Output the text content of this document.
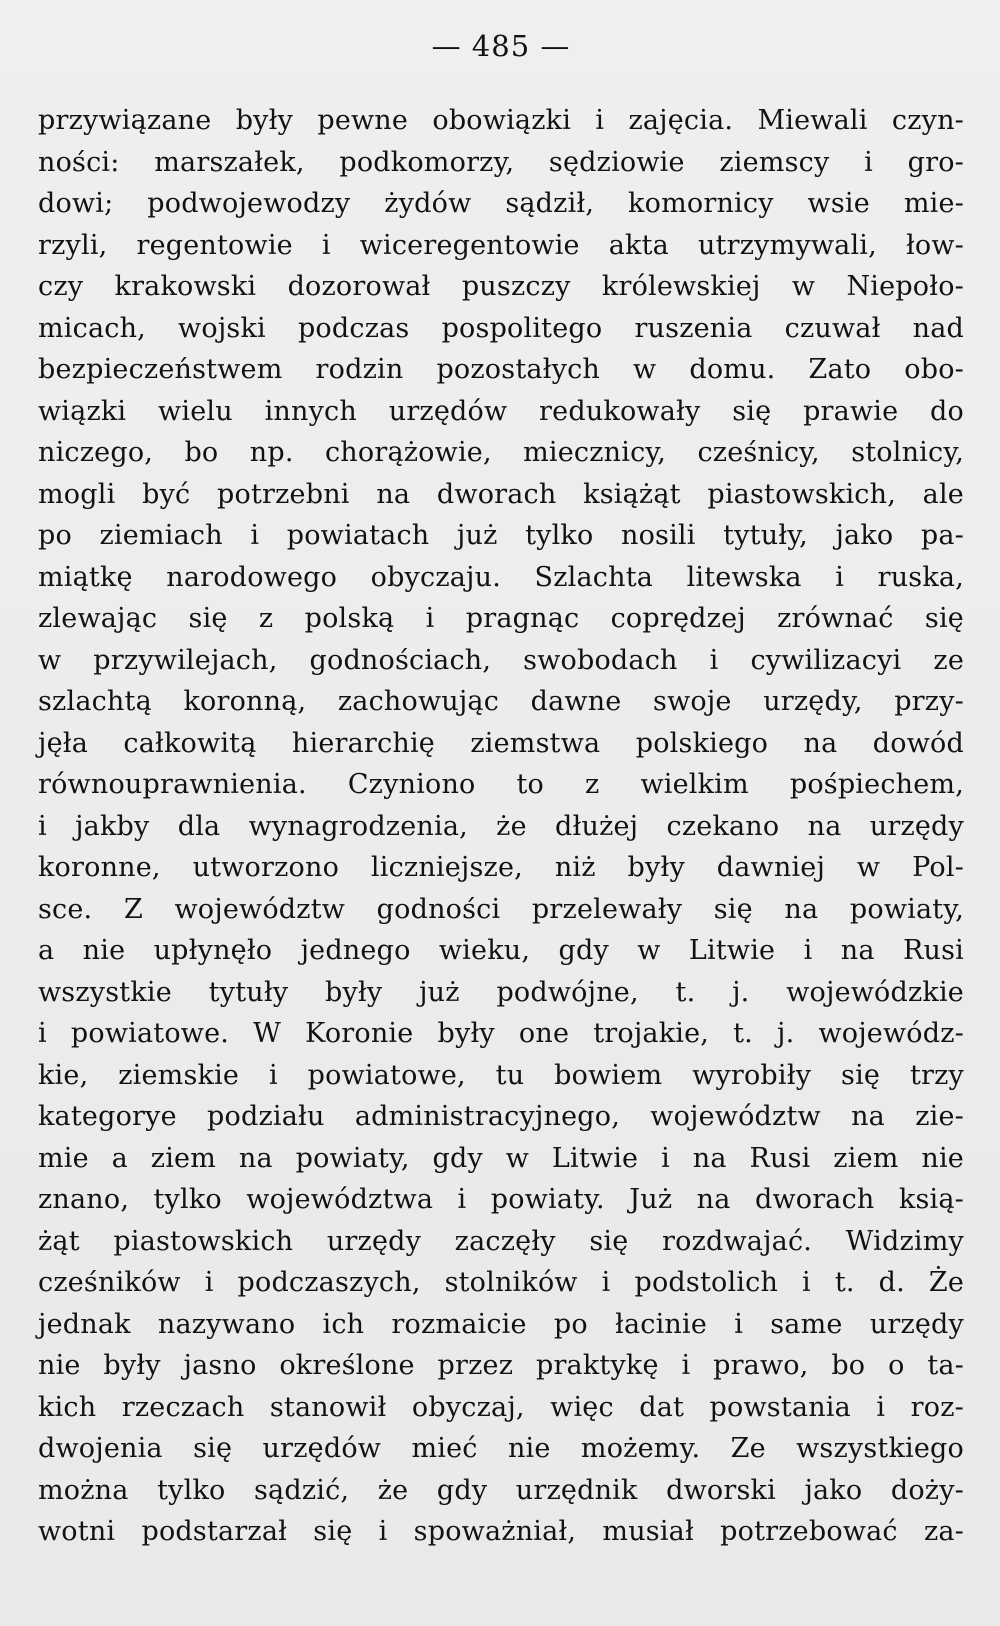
— 485 —
przywiązane były pewne obowiązki i zajęcia. Miewali czyn-
ności: marszałek, podkomorzy, sędziowie ziemscy i gro-
dowi; podwojewodzy żydów sądził, komornicy wsie mie-
rzyli, regentowie i wiceregentowie akta utrzymywali, łow-
czy krakowski dozorował puszczy królewskiej w Niepoło-
micach, wojski podczas pospolitego ruszenia czuwał nad
bezpieczeństwem rodzin pozostałych w domu. Zato obo-
wiązki wielu innych urzędów redukowały się prawie do
niczego, bo np. chorążowie, miecznicy, cześnicy, stolnicy,
mogli być potrzebni na dworach książąt piastowskich, ale
po ziemiach i powiatach już tylko nosili tytuły, jako pa-
miątkę narodowego obyczaju. Szlachta litewska i ruska,
zlewając się z polską i pragnąc coprędzej zrównać się
w przywilejach, godnościach, swobodach i cywilizacyi ze
szlachtą koronną, zachowując dawne swoje urzędy, przy-
jęła całkowitą hierarchię ziemstwa polskiego na dowód
równouprawnienia. Czyniono to z wielkim pośpiechem,
i jakby dla wynagrodzenia, że dłużej czekano na urzędy
koronne, utworzono liczniejsze, niż były dawniej w Pol-
sce. Z województw godności przelewały się na powiaty,
a nie upłynęło jednego wieku, gdy w Litwie i na Rusi
wszystkie tytuły były już podwójne, t. j. wojewódzkie
i powiatowe. W Koronie były one trojakie, t. j. wojewódz-
kie, ziemskie i powiatowe, tu bowiem wyrobiły się trzy
kategorye podziału administracyjnego, województw na zie-
mie a ziem na powiaty, gdy w Litwie i na Rusi ziem nie
znano, tylko województwa i powiaty. Już na dworach ksią-
żąt piastowskich urzędy zaczęły się rozdwajać. Widzimy
cześników i podczaszych, stolników i podstolich i t. d. Że
jednak nazywano ich rozmaicie po łacinie i same urzędy
nie były jasno określone przez praktykę i prawo, bo o ta-
kich rzeczach stanowił obyczaj, więc dat powstania i roz-
dwojenia się urzędów mieć nie możemy. Ze wszystkiego
można tylko sądzić, że gdy urzędnik dworski jako doży-
wotni podstarzał się i spoważniał, musiał potrzebować za-
